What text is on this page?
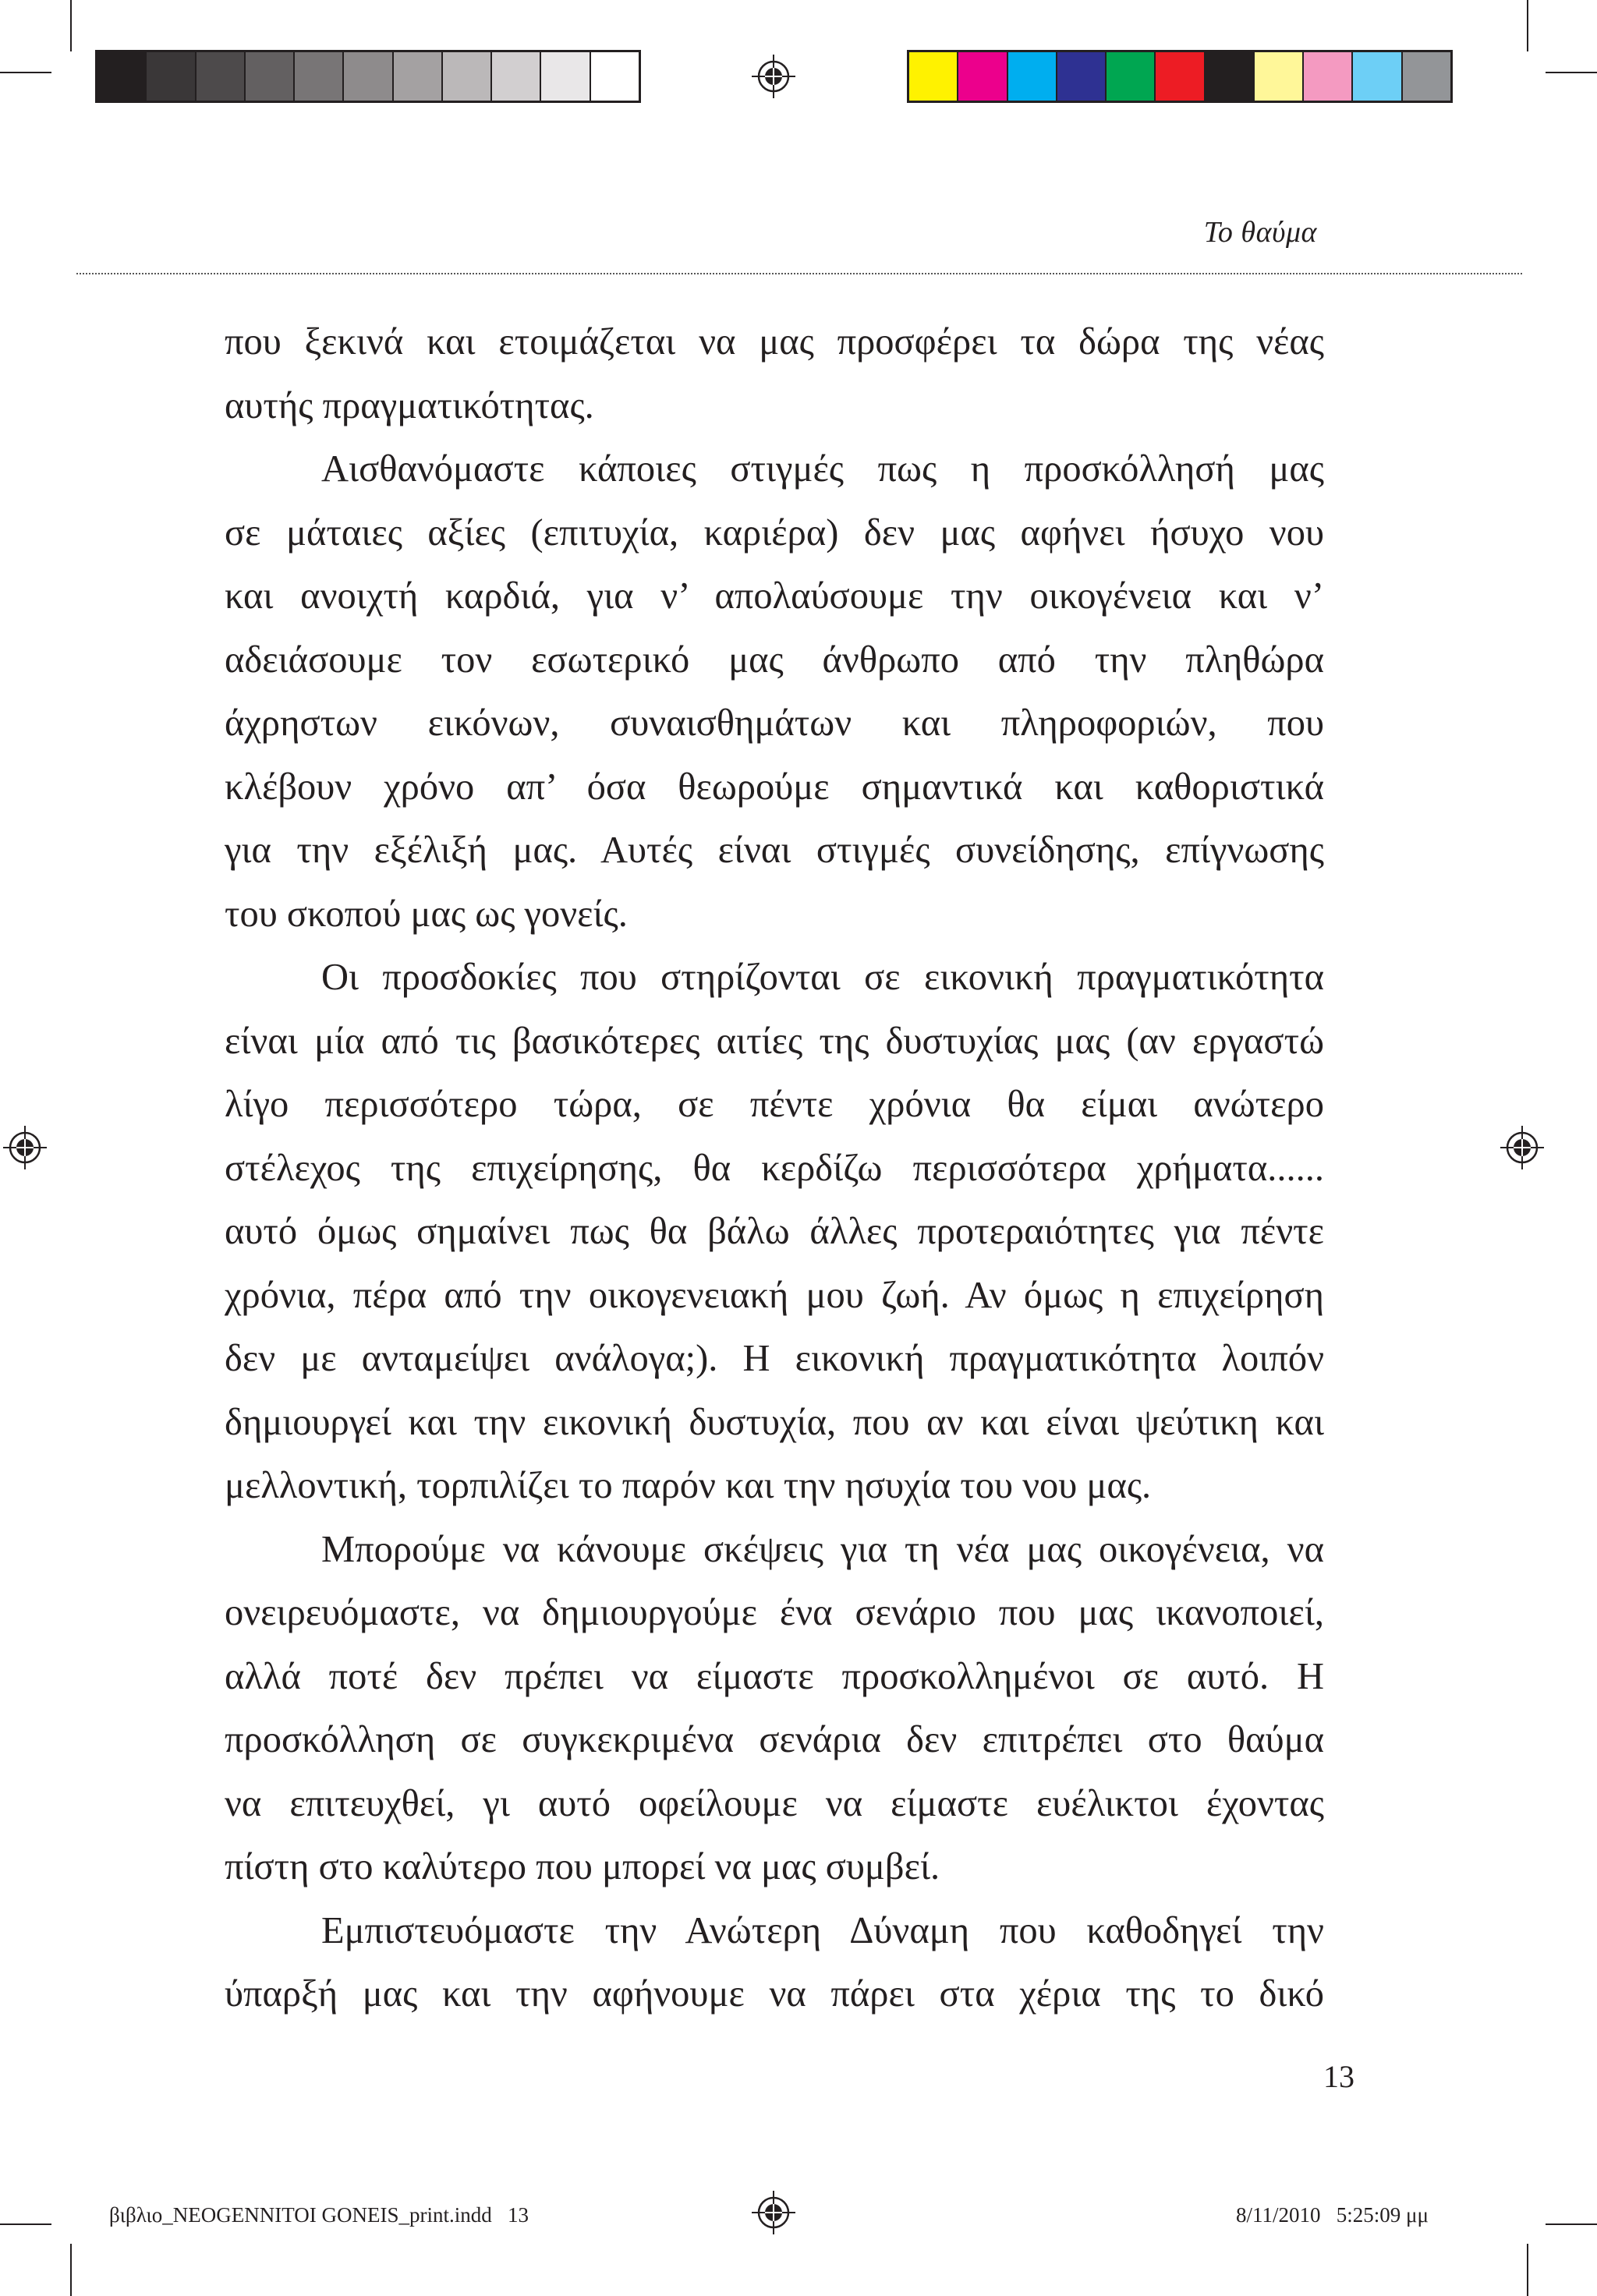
Το θαύμα

που ξεκινά και ετοιμάζεται να μας προσφέρει τα δώρα της νέας

αυτής πραγματικότητας.

Αισθανόμαστε κάποιες στιγμές πως η προσκόλλησή μας

σε μάταιες αξίες (επιτυχία, καριέρα) δεν μας αφήνει ήσυχο νου

και ανοιχτή καρδιά, για ν’ απολαύσουμε την οικογένεια και ν’

αδειάσουμε τον εσωτερικό μας άνθρωπο από την πληθώρα

άχρηστων εικόνων, συναισθημάτων και πληροφοριών, που

κλέβουν χρόνο απ’ όσα θεωρούμε σημαντικά και καθοριστικά

για την εξέλιξή μας. Αυτές είναι στιγμές συνείδησης, επίγνωσης

του σκοπού μας ως γονείς.

Οι προσδοκίες που στηρίζονται σε εικονική πραγματικότητα

είναι μία από τις βασικότερες αιτίες της δυστυχίας μας (αν εργαστώ

λίγο περισσότερο τώρα, σε πέντε χρόνια θα είμαι ανώτερο

στέλεχος της επιχείρησης, θα κερδίζω περισσότερα χρήματα......

αυτό όμως σημαίνει πως θα βάλω άλλες προτεραιότητες για πέντε

χρόνια, πέρα από την οικογενειακή μου ζωή. Αν όμως η επιχείρηση

δεν με ανταμείψει ανάλογα;). Η εικονική πραγματικότητα λοιπόν

δημιουργεί και την εικονική δυστυχία, που αν και είναι ψεύτικη και

μελλοντική, τορπιλίζει το παρόν και την ησυχία του νου μας.

Μπορούμε να κάνουμε σκέψεις για τη νέα μας οικογένεια, να

ονειρευόμαστε, να δημιουργούμε ένα σενάριο που μας ικανοποιεί,

αλλά ποτέ δεν πρέπει να είμαστε προσκολλημένοι σε αυτό. Η

προσκόλληση σε συγκεκριμένα σενάρια δεν επιτρέπει στο θαύμα

να επιτευχθεί, γι αυτό οφείλουμε να είμαστε ευέλικτοι έχοντας

πίστη στο καλύτερο που μπορεί να μας συμβεί.

Εμπιστευόμαστε την Ανώτερη Δύναμη που καθοδηγεί την

ύπαρξή μας και την αφήνουμε να πάρει στα χέρια της το δικό

13
βιβλιο_NEOGENNITOI GONEIS_print.indd   13	8/11/2010   5:25:09 μμ
